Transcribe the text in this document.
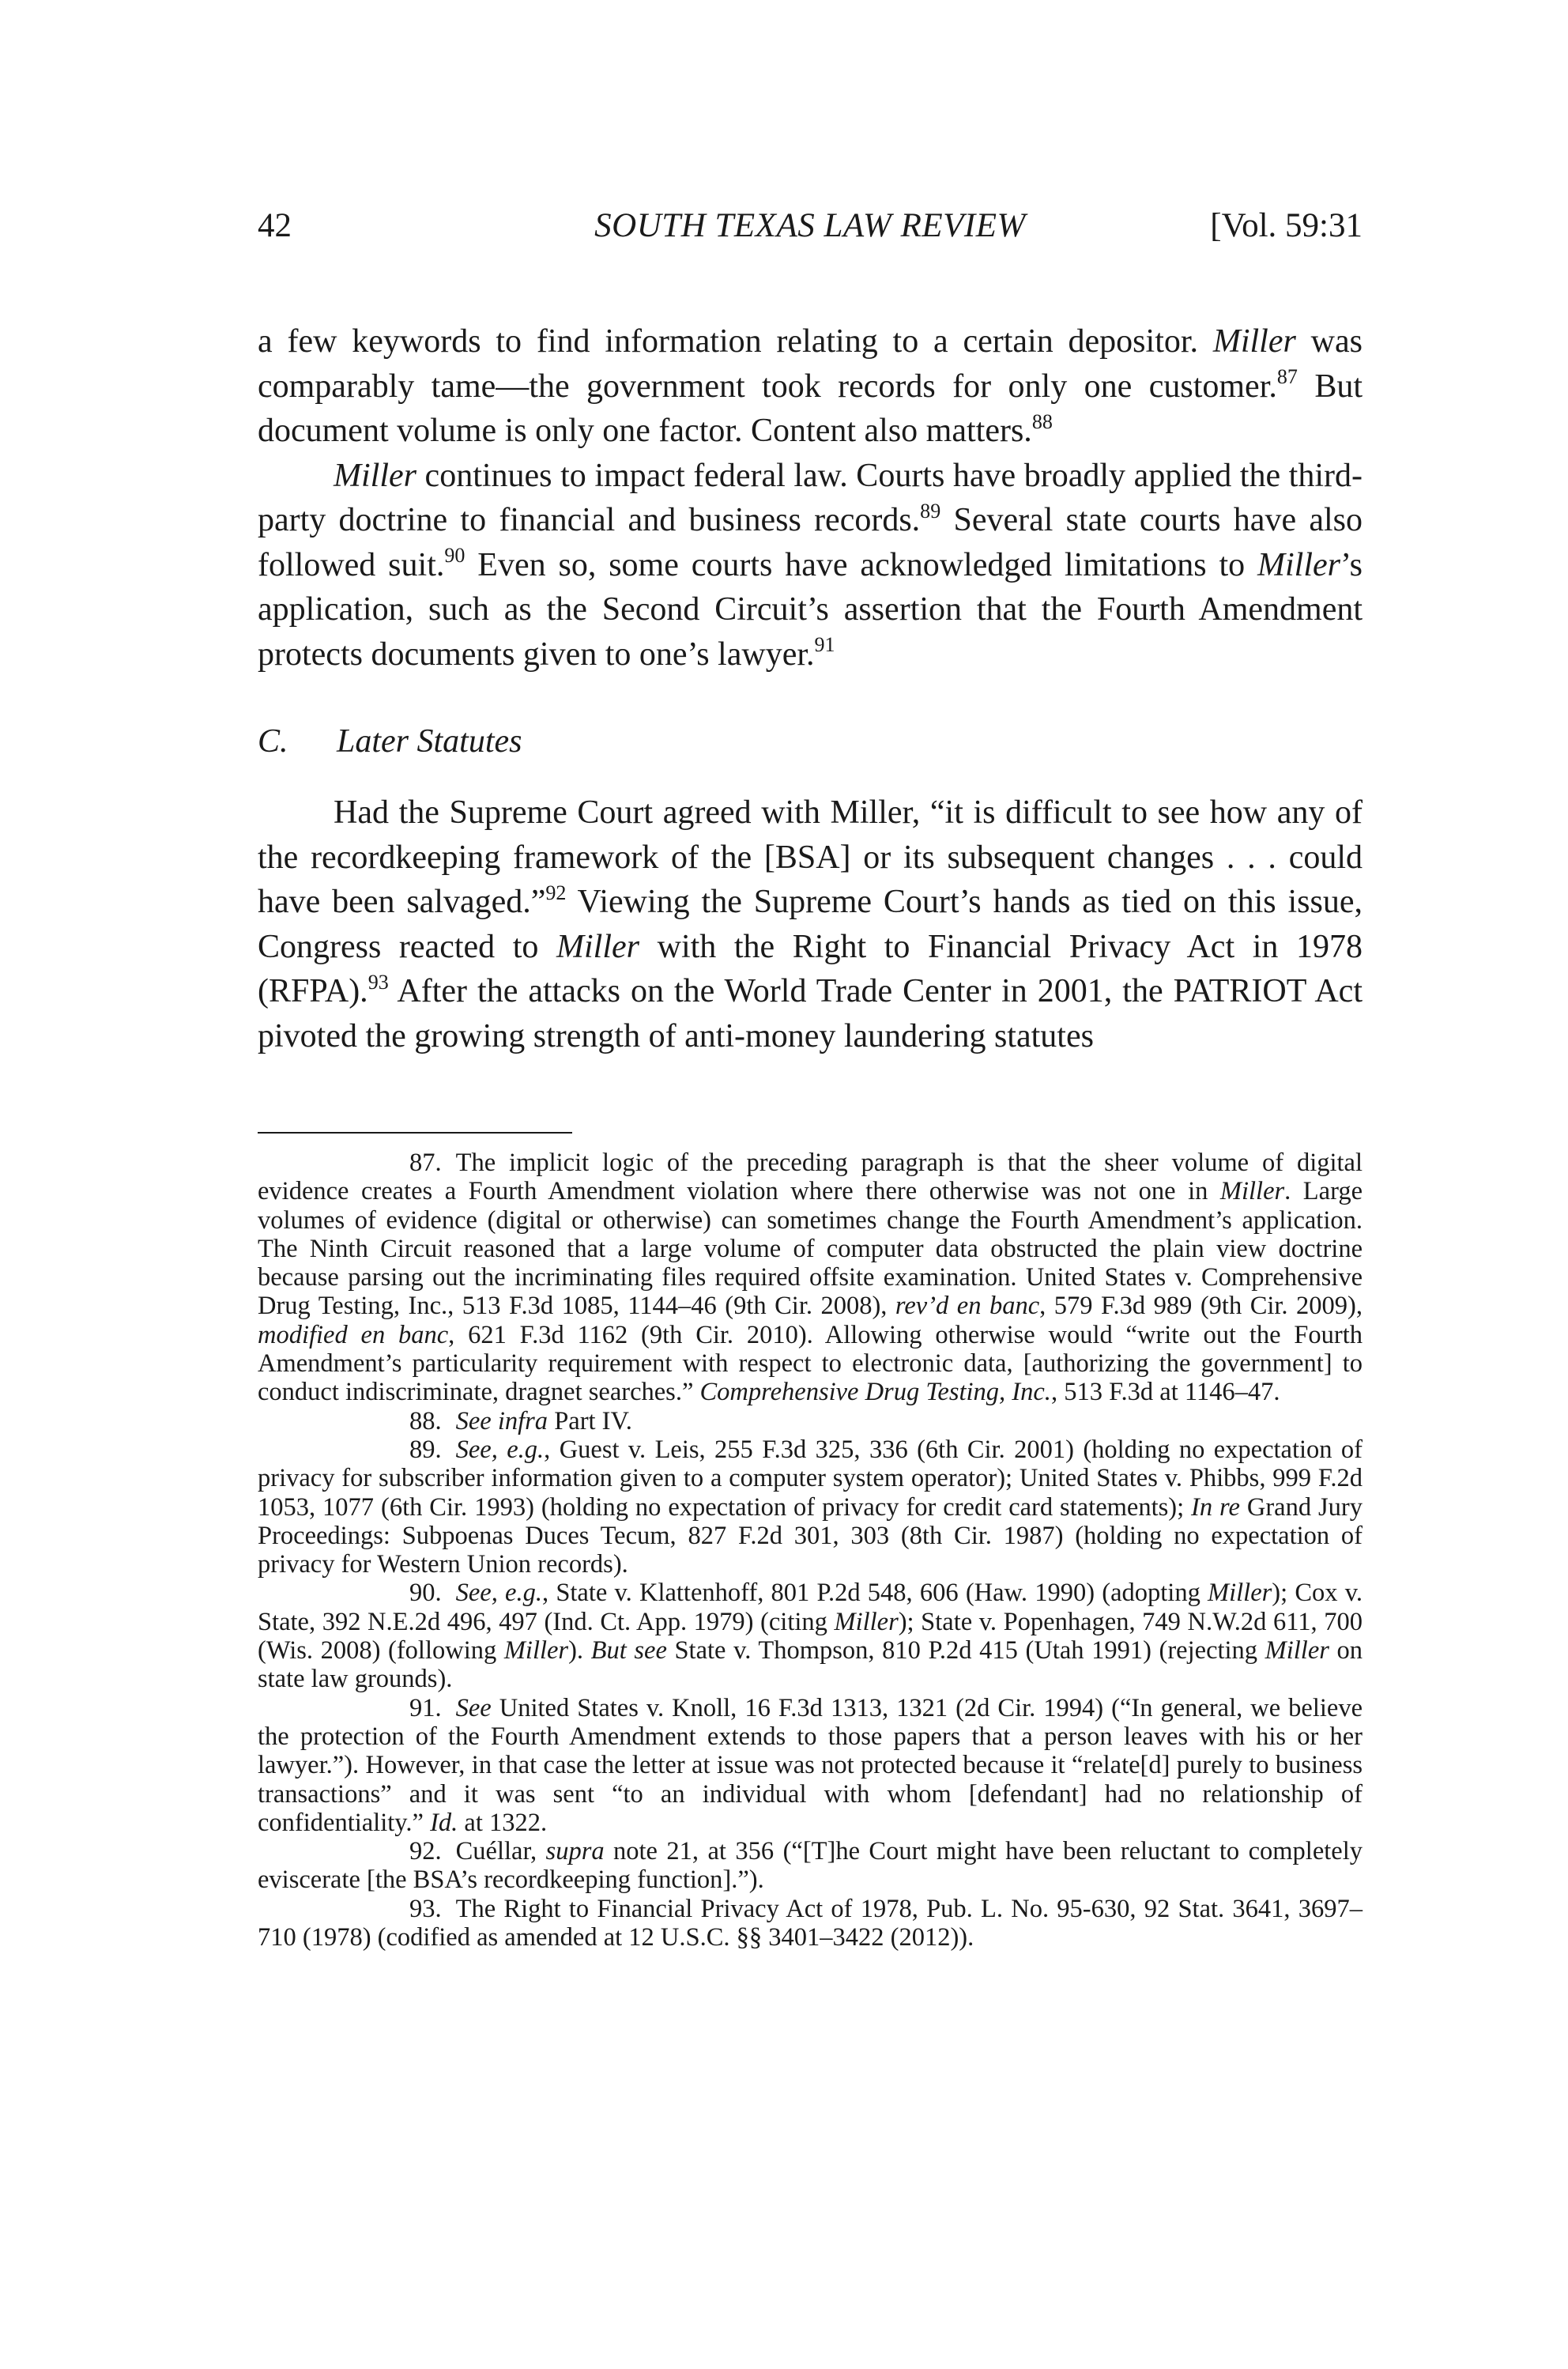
42	SOUTH TEXAS LAW REVIEW	[Vol. 59:31

a few keywords to find information relating to a certain depositor. Miller was comparably tame—the government took records for only one customer.$^{87}$ But document volume is only one factor. Content also matters.$^{88}$

Miller continues to impact federal law. Courts have broadly applied the third-party doctrine to financial and business records.$^{89}$ Several state courts have also followed suit.$^{90}$ Even so, some courts have acknowledged limitations to Miller’s application, such as the Second Circuit’s assertion that the Fourth Amendment protects documents given to one’s lawyer.$^{91}$

C. Later Statutes

Had the Supreme Court agreed with Miller, “it is difficult to see how any of the recordkeeping framework of the [BSA] or its subsequent changes . . . could have been salvaged.”$^{92}$ Viewing the Supreme Court’s hands as tied on this issue, Congress reacted to Miller with the Right to Financial Privacy Act in 1978 (RFPA).$^{93}$ After the attacks on the World Trade Center in 2001, the PATRIOT Act pivoted the growing strength of anti-money laundering statutes

87. The implicit logic of the preceding paragraph is that the sheer volume of digital evidence creates a Fourth Amendment violation where there otherwise was not one in Miller. Large volumes of evidence (digital or otherwise) can sometimes change the Fourth Amendment’s application. The Ninth Circuit reasoned that a large volume of computer data obstructed the plain view doctrine because parsing out the incriminating files required offsite examination. United States v. Comprehensive Drug Testing, Inc., 513 F.3d 1085, 1144–46 (9th Cir. 2008), rev’d en banc, 579 F.3d 989 (9th Cir. 2009), modified en banc, 621 F.3d 1162 (9th Cir. 2010). Allowing otherwise would “write out the Fourth Amendment’s particularity requirement with respect to electronic data, [authorizing the government] to conduct indiscriminate, dragnet searches.” Comprehensive Drug Testing, Inc., 513 F.3d at 1146–47.

88. See infra Part IV.

89. See, e.g., Guest v. Leis, 255 F.3d 325, 336 (6th Cir. 2001) (holding no expectation of privacy for subscriber information given to a computer system operator); United States v. Phibbs, 999 F.2d 1053, 1077 (6th Cir. 1993) (holding no expectation of privacy for credit card statements); In re Grand Jury Proceedings: Subpoenas Duces Tecum, 827 F.2d 301, 303 (8th Cir. 1987) (holding no expectation of privacy for Western Union records).

90. See, e.g., State v. Klattenhoff, 801 P.2d 548, 606 (Haw. 1990) (adopting Miller); Cox v. State, 392 N.E.2d 496, 497 (Ind. Ct. App. 1979) (citing Miller); State v. Popenhagen, 749 N.W.2d 611, 700 (Wis. 2008) (following Miller). But see State v. Thompson, 810 P.2d 415 (Utah 1991) (rejecting Miller on state law grounds).

91. See United States v. Knoll, 16 F.3d 1313, 1321 (2d Cir. 1994) (“In general, we believe the protection of the Fourth Amendment extends to those papers that a person leaves with his or her lawyer.”). However, in that case the letter at issue was not protected because it “relate[d] purely to business transactions” and it was sent “to an individual with whom [defendant] had no relationship of confidentiality.” Id. at 1322.

92. Cuéllar, supra note 21, at 356 (“[T]he Court might have been reluctant to completely eviscerate [the BSA’s recordkeeping function].”).

93. The Right to Financial Privacy Act of 1978, Pub. L. No. 95-630, 92 Stat. 3641, 3697–710 (1978) (codified as amended at 12 U.S.C. §§ 3401–3422 (2012)).
